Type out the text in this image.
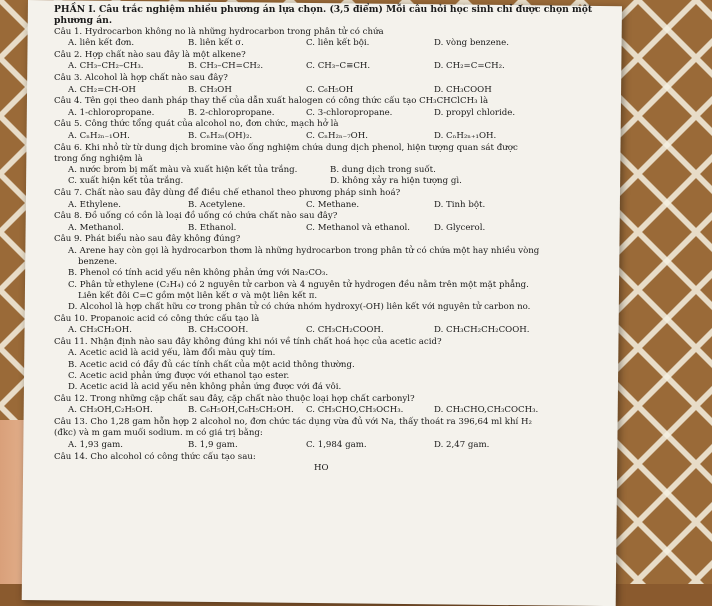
PHẦN I. Câu trắc nghiệm nhiều phương án lựa chọn. (3,5 điểm) Mỗi câu hỏi học sinh chỉ được chọn một
phương án.
Câu 1. Hydrocarbon không no là những hydrocarbon trong phân tử có chứa
A. liên kết đơn.	B. liên kết σ.	C. liên kết bội.	D. vòng benzene.
Câu 2. Hợp chất nào sau đây là một alkene?
A. CH₃–CH₂–CH₃.	B. CH₃–CH=CH₂.	C. CH₃–C≡CH.	D. CH₂=C=CH₂.
Câu 3. Alcohol là hợp chất nào sau đây?
A. CH₂=CH-OH	B. CH₃OH	C. C₆H₅OH	D. CH₃COOH
Câu 4. Tên gọi theo danh pháp thay thế của dẫn xuất halogen có công thức cấu tạo CH₃CHClCH₃ là
A. 1-chloropropane.	B. 2-chloropropane.	C. 3-chloropropane.	D. propyl chloride.
Câu 5. Công thức tổng quát của alcohol no, đơn chức, mạch hở là
A. CₙH₂ₙ₋₁OH.	B. CₙH₂ₙ(OH)₂.	C. CₙH₂ₙ₋₇OH.	D. CₙH₂ₙ₊₁OH.
Câu 6. Khi nhỏ từ từ dung dịch bromine vào ống nghiệm chứa dung dịch phenol, hiện tượng quan sát được
trong ống nghiệm là
A. nước brom bị mất màu và xuất hiện kết tủa trắng.	B. dung dịch trong suốt.
C. xuất hiện kết tủa trắng.	D. không xảy ra hiện tượng gì.
Câu 7. Chất nào sau đây dùng để điều chế ethanol theo phương pháp sinh hoá?
A. Ethylene.	B. Acetylene.	C. Methane.	D. Tinh bột.
Câu 8. Đồ uống có cồn là loại đồ uống có chứa chất nào sau đây?
A. Methanol.	B. Ethanol.	C. Methanol và ethanol.	D. Glycerol.
Câu 9. Phát biểu nào sau đây không đúng?
A. Arene hay còn gọi là hydrocarbon thơm là những hydrocarbon trong phân tử có chứa một hay nhiều vòng
benzene.
B. Phenol có tính acid yếu nên không phản ứng với Na₂CO₃.
C. Phân tử ethylene (C₂H₄) có 2 nguyên tử carbon và 4 nguyên tử hydrogen đều nằm trên một mặt phẳng.
Liên kết đôi C=C gồm một liên kết σ và một liên kết π.
D. Alcohol là hợp chất hữu cơ trong phân tử có chứa nhóm hydroxy(-OH) liên kết với nguyên tử carbon no.
Câu 10. Propanoic acid có công thức cấu tạo là
A. CH₃CH₂OH.	B. CH₃COOH.	C. CH₃CH₂COOH.	D. CH₃CH₂CH₂COOH.
Câu 11. Nhận định nào sau đây không đúng khi nói về tính chất hoá học của acetic acid?
A. Acetic acid là acid yếu, làm đổi màu quỳ tím.
B. Acetic acid có đầy đủ các tính chất của một acid thông thường.
C. Acetic acid phản ứng được với ethanol tạo ester.
D. Acetic acid là acid yếu nên không phản ứng được với đá vôi.
Câu 12. Trong những cặp chất sau đây, cặp chất nào thuộc loại hợp chất carbonyl?
A. CH₃OH,C₂H₅OH.	B. C₆H₅OH,C₆H₅CH₂OH.	C. CH₃CHO,CH₃OCH₃.	D. CH₃CHO,CH₃COCH₃.
Câu 13. Cho 1,28 gam hỗn hợp 2 alcohol no, đơn chức tác dụng vừa đủ với Na, thấy thoát ra 396,64 ml khí H₂
(đkc) và m gam muối sodium. m có giá trị bằng:
A. 1,93 gam.	B. 1,9 gam.	C. 1,984 gam.	D. 2,47 gam.
Câu 14. Cho alcohol có công thức cấu tạo sau:
HO
